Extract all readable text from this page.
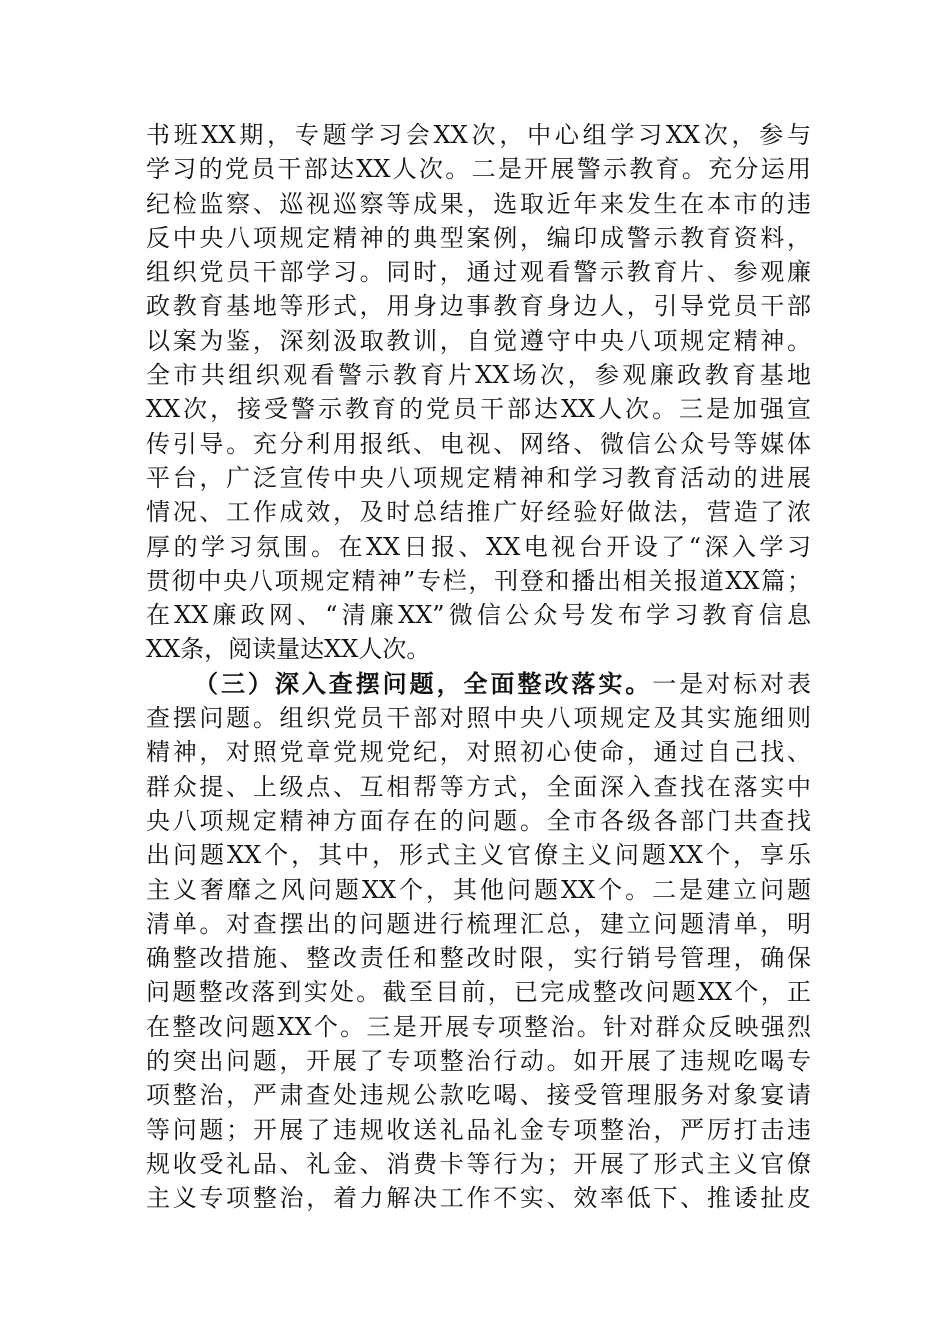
书班XX期，专题学习会XX次，中心组学习XX次，参与
学习的党员干部达XX人次。二是开展警示教育。充分运用
纪检监察、巡视巡察等成果，选取近年来发生在本市的违
反中央八项规定精神的典型案例，编印成警示教育资料，
组织党员干部学习。同时，通过观看警示教育片、参观廉
政教育基地等形式，用身边事教育身边人，引导党员干部
以案为鉴，深刻汲取教训，自觉遵守中央八项规定精神。
全市共组织观看警示教育片XX场次，参观廉政教育基地
XX次，接受警示教育的党员干部达XX人次。三是加强宣
传引导。充分利用报纸、电视、网络、微信公众号等媒体
平台，广泛宣传中央八项规定精神和学习教育活动的进展
情况、工作成效，及时总结推广好经验好做法，营造了浓
厚的学习氛围。在XX日报、XX电视台开设了“深入学习
贯彻中央八项规定精神”专栏，刊登和播出相关报道XX篇；
在XX廉政网、“清廉XX”微信公众号发布学习教育信息
XX条，阅读量达XX人次。
（三）深入查摆问题，全面整改落实。一是对标对表
查摆问题。组织党员干部对照中央八项规定及其实施细则
精神，对照党章党规党纪，对照初心使命，通过自己找、
群众提、上级点、互相帮等方式，全面深入查找在落实中
央八项规定精神方面存在的问题。全市各级各部门共查找
出问题XX个，其中，形式主义官僚主义问题XX个，享乐
主义奢靡之风问题XX个，其他问题XX个。二是建立问题
清单。对查摆出的问题进行梳理汇总，建立问题清单，明
确整改措施、整改责任和整改时限，实行销号管理，确保
问题整改落到实处。截至目前，已完成整改问题XX个，正
在整改问题XX个。三是开展专项整治。针对群众反映强烈
的突出问题，开展了专项整治行动。如开展了违规吃喝专
项整治，严肃查处违规公款吃喝、接受管理服务对象宴请
等问题；开展了违规收送礼品礼金专项整治，严厉打击违
规收受礼品、礼金、消费卡等行为；开展了形式主义官僚
主义专项整治，着力解决工作不实、效率低下、推诿扯皮
